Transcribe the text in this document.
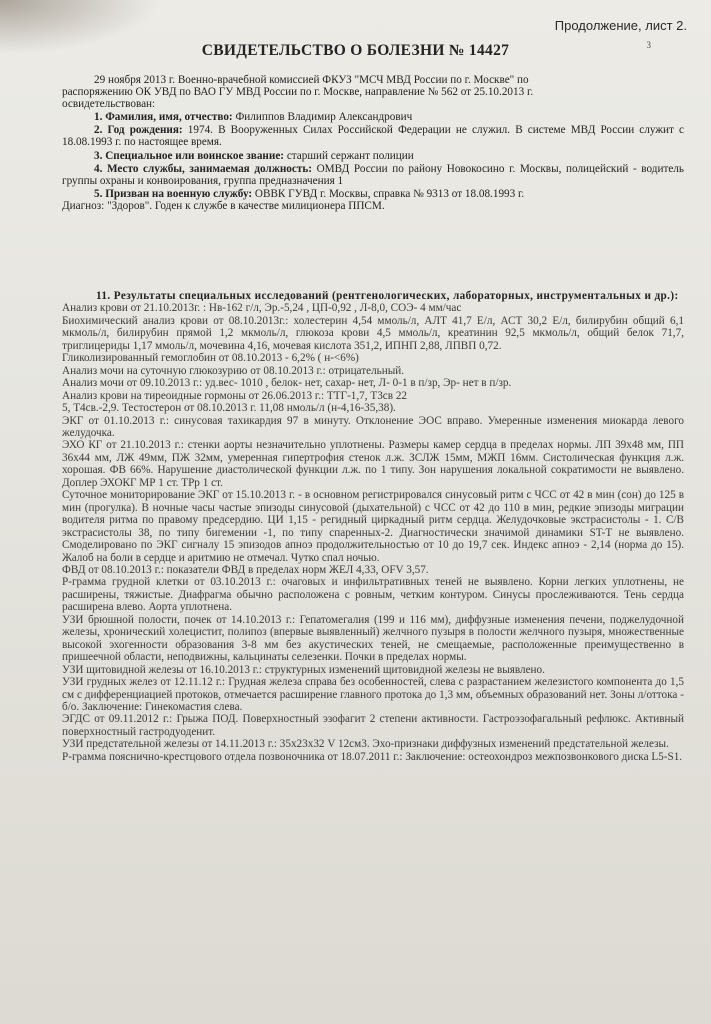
Продолжение, лист 2.
3
СВИДЕТЕЛЬСТВО О БОЛЕЗНИ № 14427

29 ноября 2013 г. Военно-врачебной комиссией ФКУЗ "МСЧ МВД России по г. Москве" по

распоряжению ОК УВД по ВАО ГУ МВД России по г. Москве, направление № 562 от 25.10.2013 г.

освидетельствован:

1. Фамилия, имя, отчество: Филиппов Владимир Александрович

2. Год рождения: 1974. В Вооруженных Силах Российской Федерации не служил. В системе МВД России служит с 18.08.1993 г. по настоящее время.

3. Специальное или воинское звание: старший сержант полиции

4. Место службы, занимаемая должность: ОМВД России по району Новокосино г. Москвы, полицейский - водитель группы охраны и конвоирования, группа предназначения 1

5. Призван на военную службу: ОВВК ГУВД г. Москвы, справка № 9313 от 18.08.1993 г.

Диагноз: "Здоров". Годен к службе в качестве милиционера ППСМ.

11. Результаты специальных исследований (рентгенологических, лабораторных, инструментальных и др.):

Анализ крови от 21.10.2013г. : Нв-162 г/л, Эр.-5,24 , ЦП-0,92 , Л-8,0, СОЭ- 4 мм/час

Биохимический анализ крови от 08.10.2013г.: холестерин 4,54 ммоль/л, АЛТ 41,7 Е/л, АСТ 30,2 Е/л, билирубин общий 6,1 мкмоль/л, билирубин прямой 1,2 мкмоль/л, глюкоза крови 4,5 ммоль/л, креатинин 92,5 мкмоль/л, общий белок 71,7, триглицериды 1,17 ммоль/л, мочевина 4,16, мочевая кислота 351,2, ИПНП 2,88, ЛПВП 0,72.

Гликолизированный гемоглобин от 08.10.2013 - 6,2% ( н-<6%)

Анализ мочи на суточную глюкозурию от 08.10.2013 г.: отрицательный.

Анализ мочи от 09.10.2013 г.: уд.вес- 1010 , белок- нет, сахар- нет, Л- 0-1 в п/зр, Эр- нет в п/зр.

Анализ крови на тиреоидные гормоны от 26.06.2013 г.: ТТГ-1,7, Т3св 22

5, Т4св.-2,9. Тестостерон от 08.10.2013 г. 11,08 нмоль/л (н-4,16-35,38).

ЭКГ от 01.10.2013 г.: синусовая тахикардия 97 в минуту. Отклонение ЭОС вправо. Умеренные изменения миокарда левого желудочка.

ЭХО КГ от 21.10.2013 г.: стенки аорты незначительно уплотнены. Размеры камер сердца в пределах нормы. ЛП 39х48 мм, ПП 36х44 мм, ЛЖ 49мм, ПЖ 32мм, умеренная гипертрофия стенок л.ж. ЗСЛЖ 15мм, МЖП 16мм. Систолическая функция л.ж. хорошая. ФВ 66%. Нарушение диастолической функции л.ж. по 1 типу. Зон нарушения локальной сократимости не выявлено. Доплер ЭХОКГ МР 1 ст. ТРр 1 ст.

Суточное мониторирование ЭКГ от 15.10.2013 г. - в основном регистрировался синусовый ритм с ЧСС от 42 в мин (сон) до 125 в мин (прогулка). В ночные часы частые эпизоды синусовой (дыхательной) с ЧСС от 42 до 110 в мин, редкие эпизоды миграции водителя ритма по правому предсердию. ЦИ 1,15 - регидный циркадный ритм сердца. Желудочковые экстрасистолы - 1. С/В экстрасистолы 38, по типу бигемении -1, по типу спаренных-2. Диагностически значимой динамики ST-T не выявлено. Смоделировано по ЭКГ сигналу 15 эпизодов апноэ продолжительностью от 10 до 19,7 сек. Индекс апноэ - 2,14 (норма до 15). Жалоб на боли в сердце и аритмию не отмечал. Чутко спал ночью.

ФВД от 08.10.2013 г.: показатели ФВД в пределах норм ЖЕЛ 4,33, OFV 3,57.

Р-грамма грудной клетки от 03.10.2013 г.: очаговых и инфильтративных теней не выявлено. Корни легких уплотнены, не расширены, тяжистые. Диафрагма обычно расположена с ровным, четким контуром. Синусы прослеживаются. Тень сердца расширена влево. Аорта уплотнена.

УЗИ брюшной полости, почек от 14.10.2013 г.: Гепатомегалия (199 и 116 мм), диффузные изменения печени, поджелудочной железы, хронический холецистит, полипоз (впервые выявленный) желчного пузыря в полости желчного пузыря, множественные высокой эхогенности образования 3-8 мм без акустических теней, не смещаемые, расположенные преимущественно в пришеечной области, неподвижны, кальцинаты селезенки. Почки в пределах нормы.

УЗИ щитовидной железы от 16.10.2013 г.: структурных изменений щитовидной железы не выявлено.

УЗИ грудных желез от 12.11.12 г.: Грудная железа справа без особенностей, слева с разрастанием железистого компонента до 1,5 см с дифференциацией протоков, отмечается расширение главного протока до 1,3 мм, объемных образований нет. Зоны л/оттока - б/о. Заключение: Гинекомастия слева.

ЭГДС от 09.11.2012 г.: Грыжа ПОД. Поверхностный эзофагит 2 степени активности. Гастроэзофагальный рефлюкс. Активный поверхностный гастродуоденит.

УЗИ предстательной железы от 14.11.2013 г.: 35х23х32 V 12см3. Эхо-признаки диффузных изменений предстательной железы.

Р-грамма пояснично-крестцового отдела позвоночника от 18.07.2011 г.: Заключение: остеохондроз межпозвонкового диска L5-S1.
